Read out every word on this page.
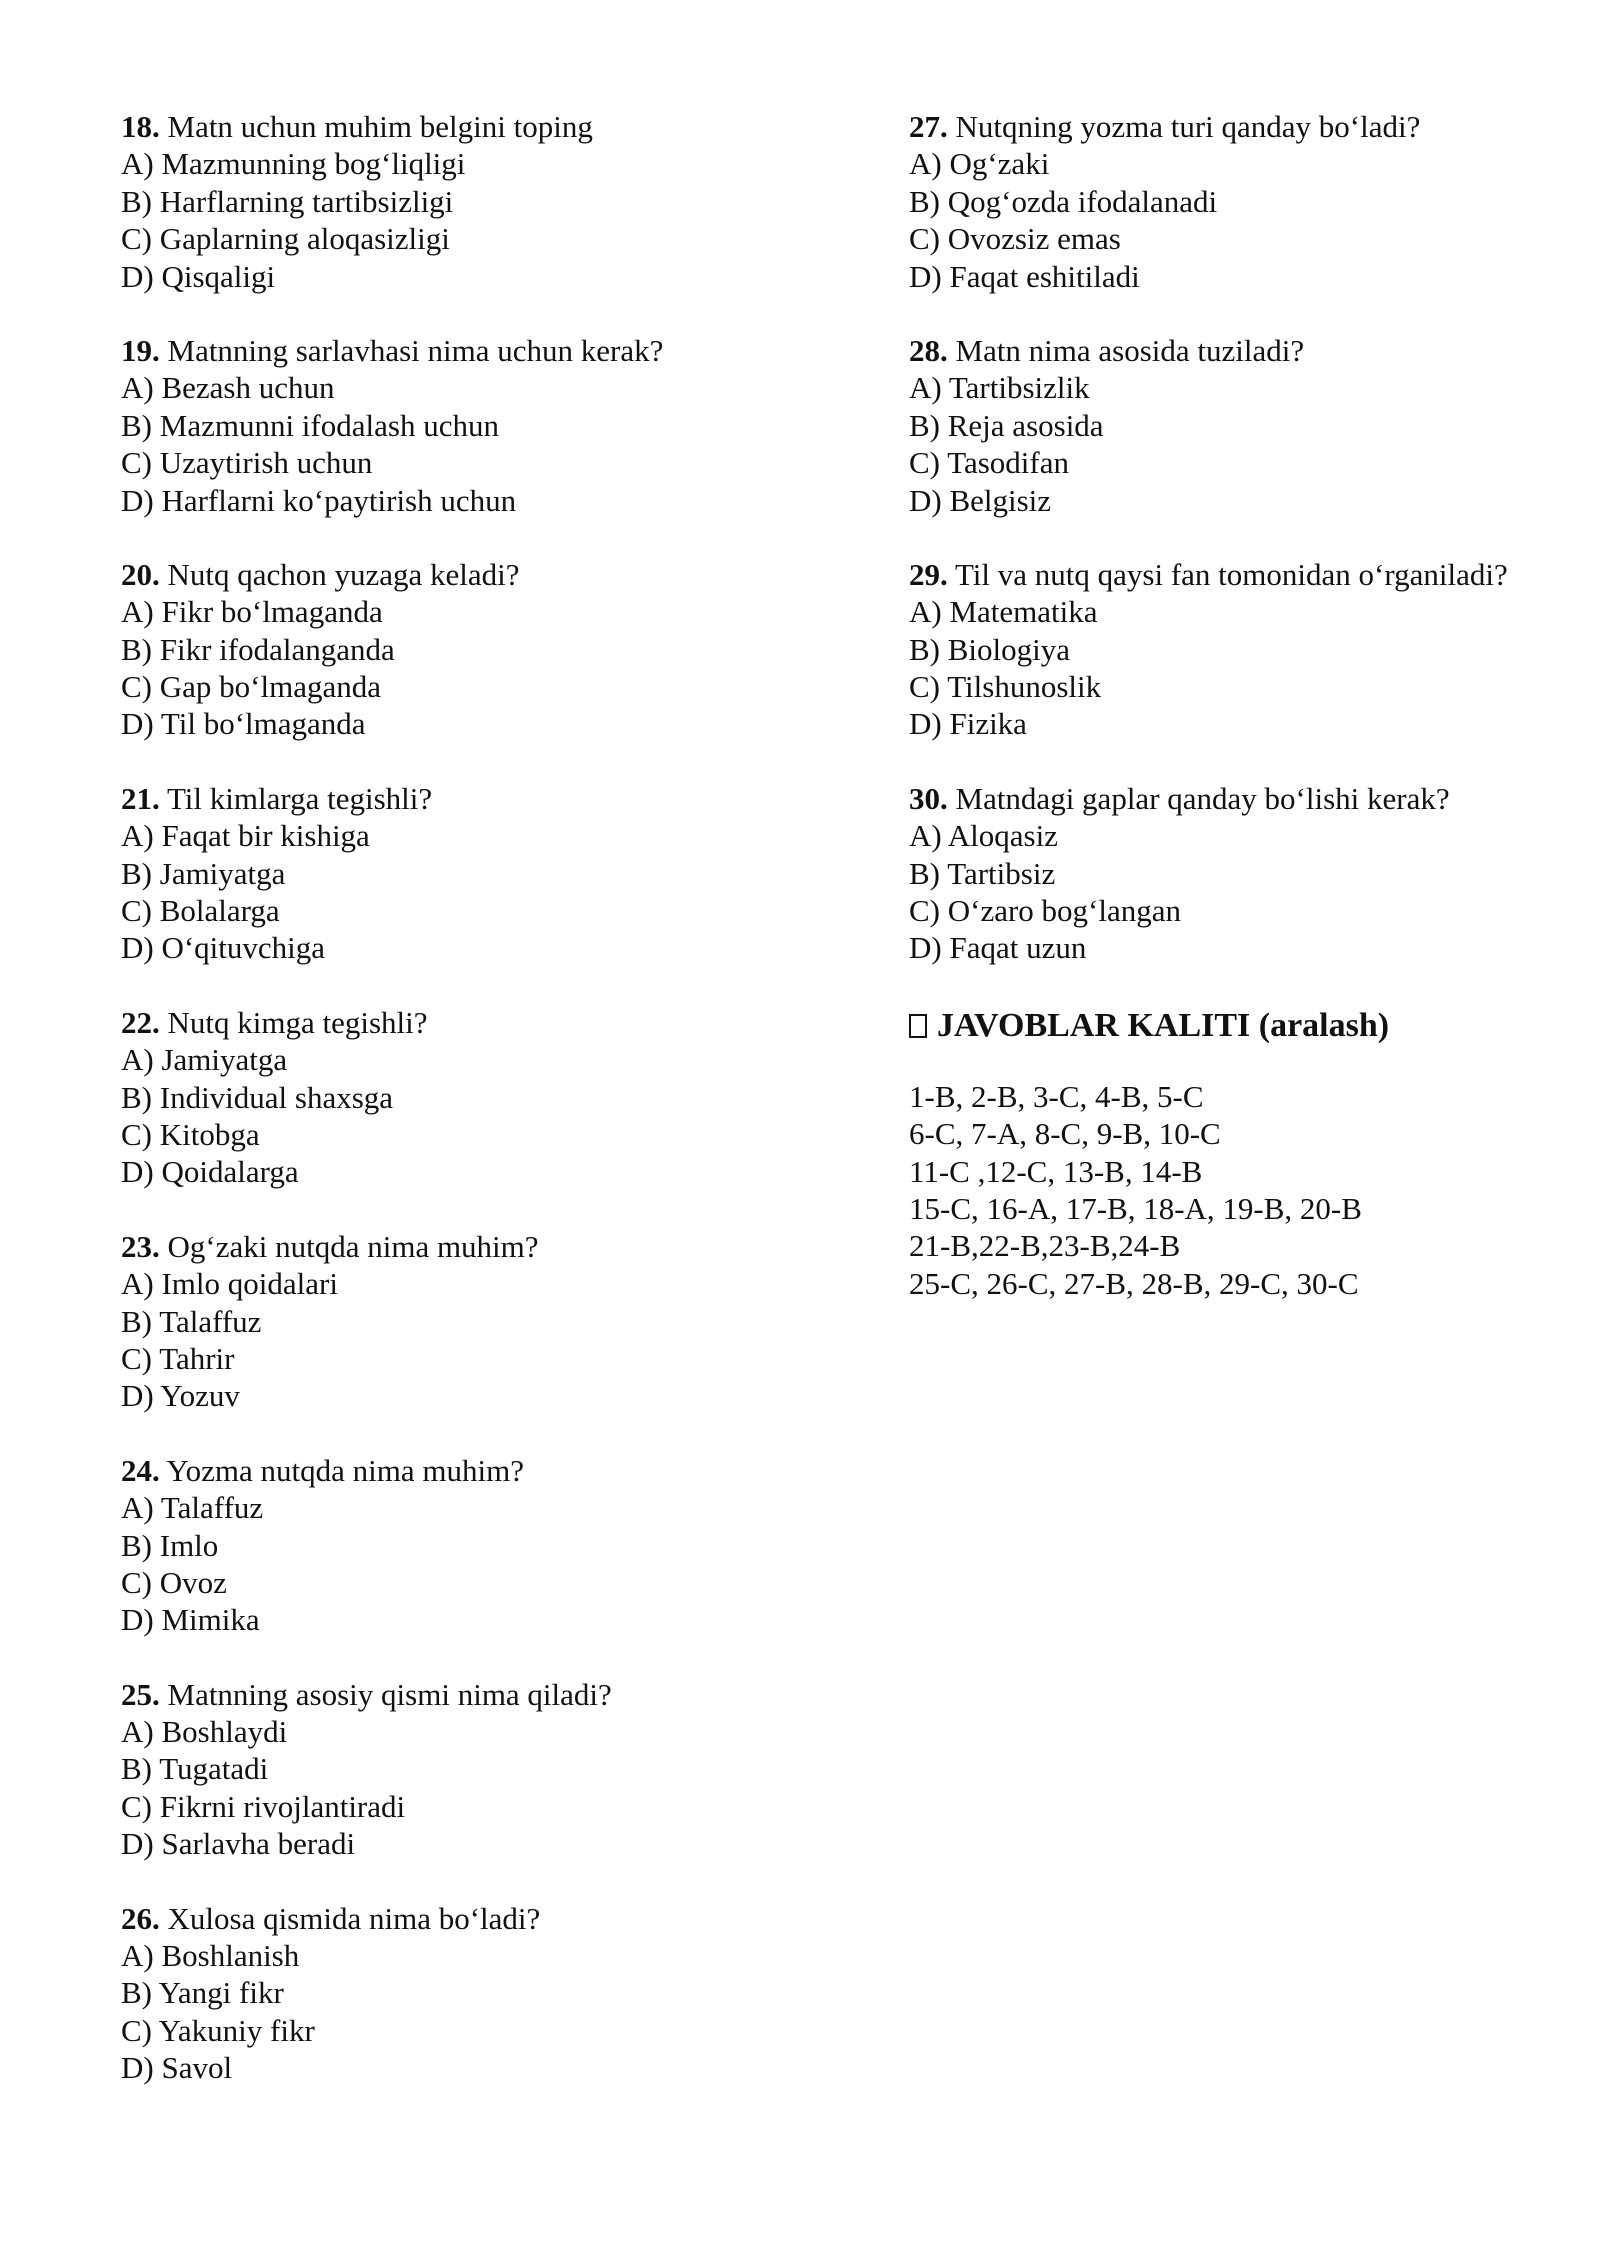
18. Matn uchun muhim belgini toping
A) Mazmunning bog‘liqligi
B) Harflarning tartibsizligi
C) Gaplarning aloqasizligi
D) Qisqaligi
19. Matnning sarlavhasi nima uchun kerak?
A) Bezash uchun
B) Mazmunni ifodalash uchun
C) Uzaytirish uchun
D) Harflarni ko‘paytirish uchun
20. Nutq qachon yuzaga keladi?
A) Fikr bo‘lmaganda
B) Fikr ifodalanganda
C) Gap bo‘lmaganda
D) Til bo‘lmaganda
21. Til kimlarga tegishli?
A) Faqat bir kishiga
B) Jamiyatga
C) Bolalarga
D) O‘qituvchiga
22. Nutq kimga tegishli?
A) Jamiyatga
B) Individual shaxsga
C) Kitobga
D) Qoidalarga
23. Og‘zaki nutqda nima muhim?
A) Imlo qoidalari
B) Talaffuz
C) Tahrir
D) Yozuv
24. Yozma nutqda nima muhim?
A) Talaffuz
B) Imlo
C) Ovoz
D) Mimika
25. Matnning asosiy qismi nima qiladi?
A) Boshlaydi
B) Tugatadi
C) Fikrni rivojlantiradi
D) Sarlavha beradi
26. Xulosa qismida nima bo‘ladi?
A) Boshlanish
B) Yangi fikr
C) Yakuniy fikr
D) Savol
27. Nutqning yozma turi qanday bo‘ladi?
A) Og‘zaki
B) Qog‘ozda ifodalanadi
C) Ovozsiz emas
D) Faqat eshitiladi
28. Matn nima asosida tuziladi?
A) Tartibsizlik
B) Reja asosida
C) Tasodifan
D) Belgisiz
29. Til va nutq qaysi fan tomonidan o‘rganiladi?
A) Matematika
B) Biologiya
C) Tilshunoslik
D) Fizika
30. Matndagi gaplar qanday bo‘lishi kerak?
A) Aloqasiz
B) Tartibsiz
C) O‘zaro bog‘langan
D) Faqat uzun
JAVOBLAR KALITI (aralash)
1-B, 2-B, 3-C, 4-B, 5-C
6-C, 7-A, 8-C, 9-B, 10-C
11-C ,12-C, 13-B, 14-B
15-C, 16-A, 17-B, 18-A, 19-B, 20-B
21-B,22-B,23-B,24-B
25-C, 26-C, 27-B, 28-B, 29-C, 30-C
